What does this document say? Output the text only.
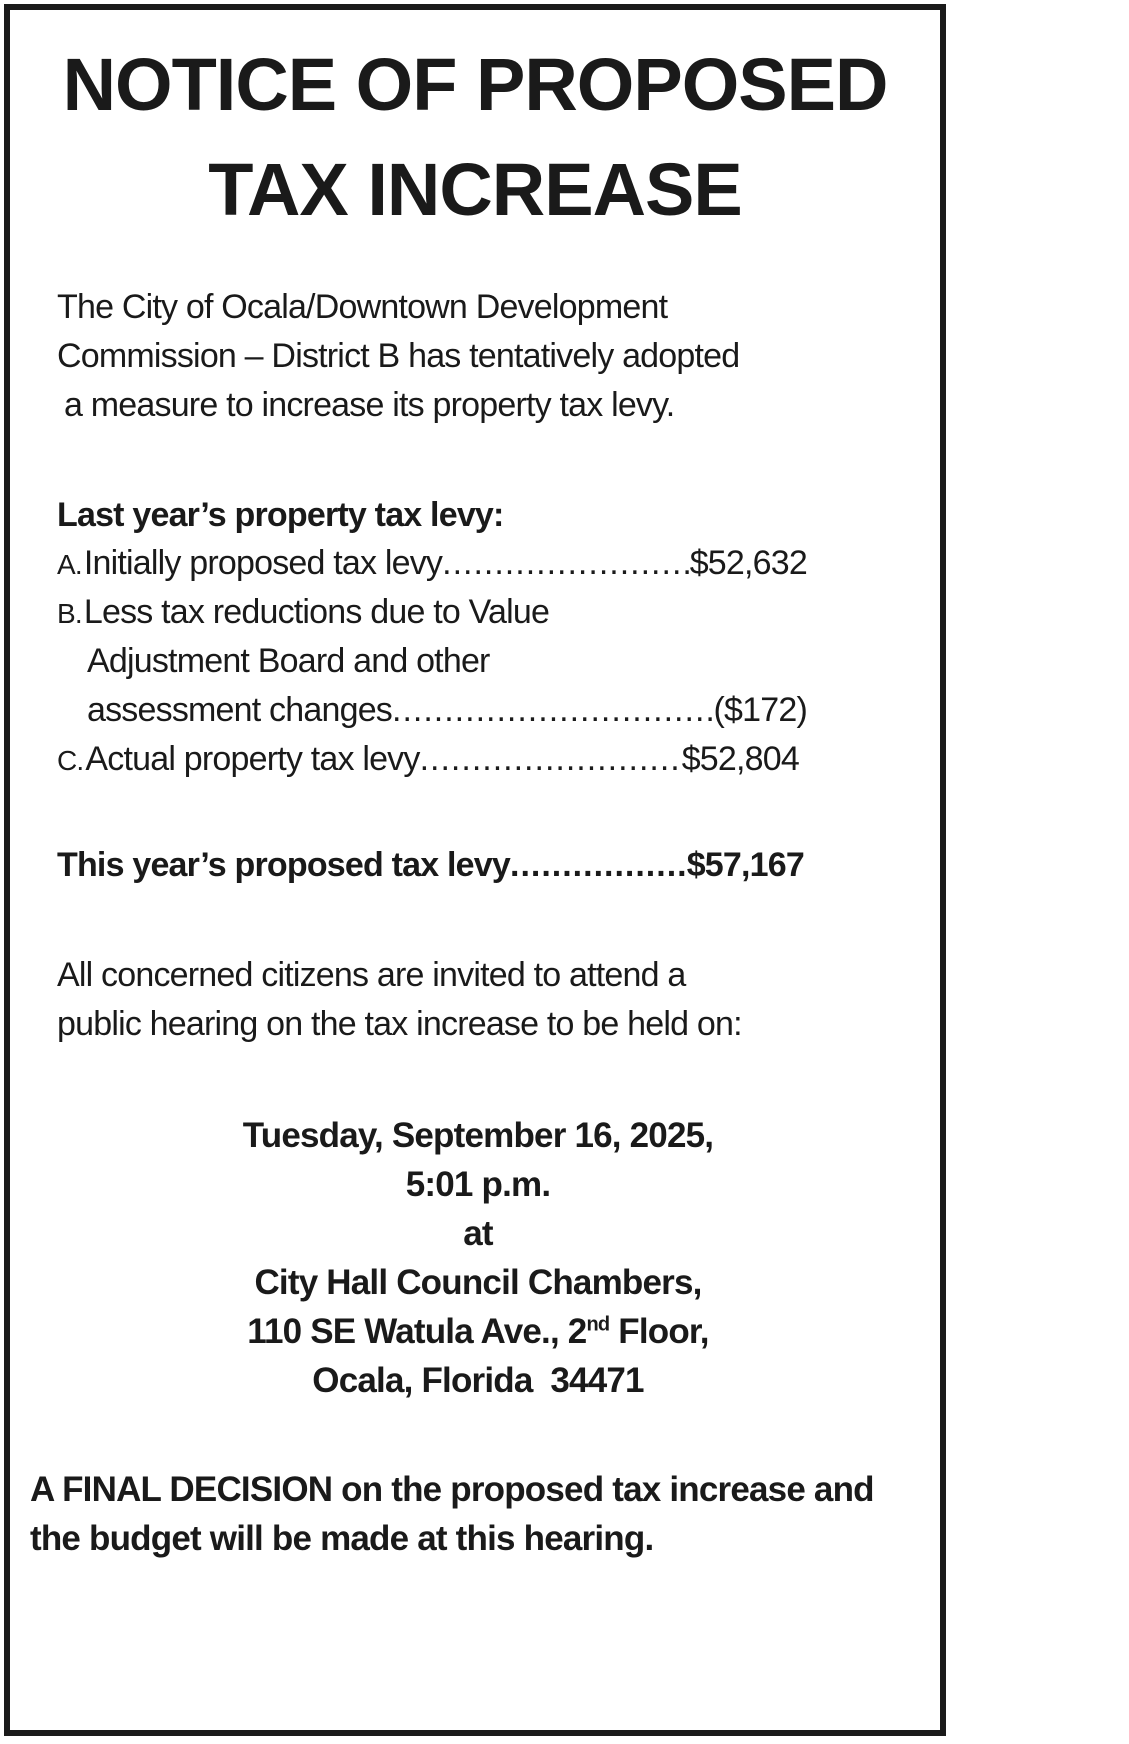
NOTICE OF PROPOSED
TAX INCREASE
The City of Ocala/Downtown Development
Commission – District B has tentatively adopted
a measure to increase its property tax levy.
Last year’s property tax levy:
A. Initially proposed tax levy .....	$52,632
B. Less tax reductions due to Value
Adjustment Board and other
assessment changes .....	($172)
C. Actual property tax levy .....	$52,804
This year’s proposed tax levy .....	$57,167
All concerned citizens are invited to attend a
public hearing on the tax increase to be held on:
Tuesday, September 16, 2025,
5:01 p.m.
at
City Hall Council Chambers,
110 SE Watula Ave., 2nd Floor,
Ocala, Florida  34471
A FINAL DECISION on the proposed tax increase and
the budget will be made at this hearing.
